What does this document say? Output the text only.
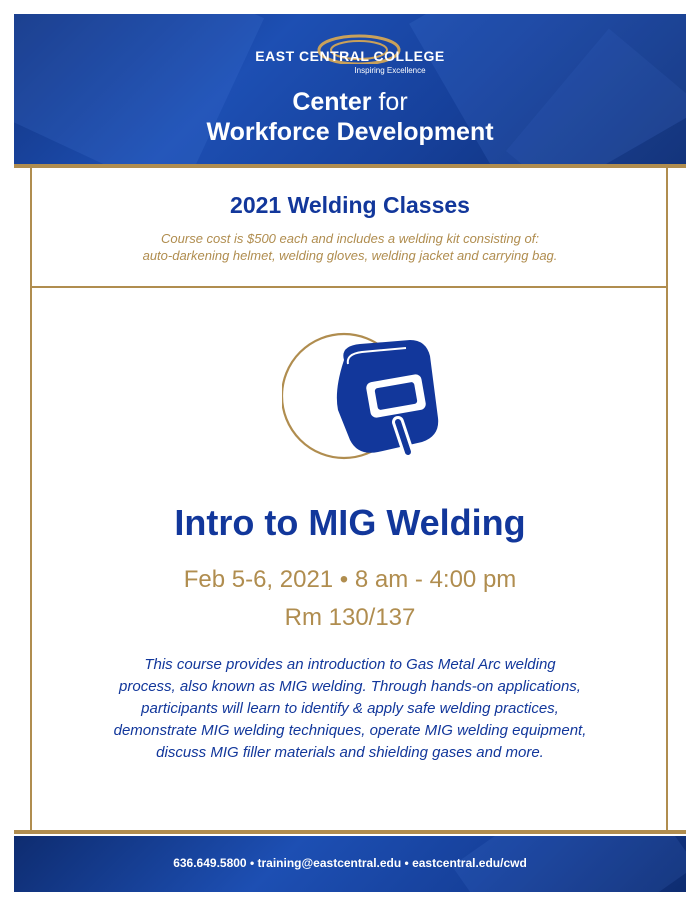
EAST CENTRAL COLLEGE
Inspiring Excellence
Center for
Workforce Development
2021 Welding Classes
Course cost is $500 each and includes a welding kit consisting of:
auto-darkening helmet, welding gloves, welding jacket and carrying bag.
Intro to MIG Welding
Feb 5-6, 2021 • 8 am - 4:00 pm
Rm 130/137
This course provides an introduction to Gas Metal Arc welding
process, also known as MIG welding. Through hands-on applications,
participants will learn to identify & apply safe welding practices,
demonstrate MIG welding techniques, operate MIG welding equipment,
discuss MIG filler materials and shielding gases and more.
636.649.5800 • training@eastcentral.edu • eastcentral.edu/cwd
